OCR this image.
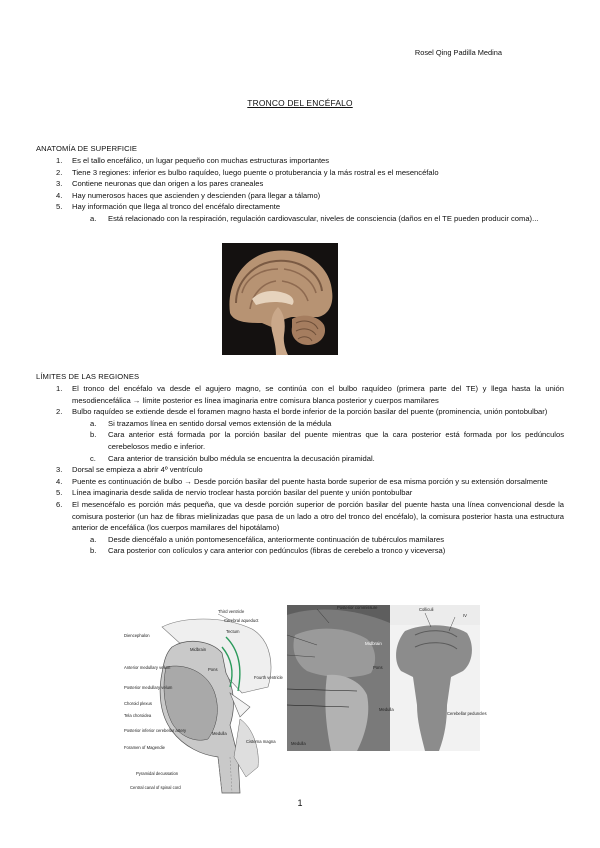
Rosel Qing Padilla Medina
TRONCO DEL ENCÉFALO
ANATOMÍA DE SUPERFICIE
1. Es el tallo encefálico, un lugar pequeño con muchas estructuras importantes
2. Tiene 3 regiones: inferior es bulbo raquídeo, luego puente o protuberancia y la más rostral es el mesencéfalo
3. Contiene neuronas que dan origen a los pares craneales
4. Hay numerosos haces que ascienden y descienden (para llegar a tálamo)
5. Hay información que llega al tronco del encéfalo directamente
a. Está relacionado con la respiración, regulación cardiovascular, niveles de consciencia (daños en el TE pueden producir coma)...
LÍMITES DE LAS REGIONES
1. El tronco del encéfalo va desde el agujero magno, se continúa con el bulbo raquídeo (primera parte del TE) y llega hasta la unión mesodiencefálica → límite posterior es línea imaginaria entre comisura blanca posterior y cuerpos mamilares
2. Bulbo raquídeo se extiende desde el foramen magno hasta el borde inferior de la porción basilar del puente (prominencia, unión pontobulbar)
a. Si trazamos línea en sentido dorsal vemos extensión de la médula
b. Cara anterior está formada por la porción basilar del puente mientras que la cara posterior está formada por los pedúnculos cerebelosos medio e inferior.
c. Cara anterior de transición bulbo médula se encuentra la decusación piramidal.
3. Dorsal se empieza a abrir 4º ventrículo
4. Puente es continuación de bulbo → Desde porción basilar del puente hasta borde superior de esa misma porción y su extensión dorsalmente
5. Línea imaginaria desde salida de nervio troclear hasta porción basilar del puente y unión pontobulbar
6. El mesencéfalo es porción más pequeña, que va desde porción superior de porción basilar del puente hasta una línea convencional desde la comisura posterior (un haz de fibras mielinizadas que pasa de un lado a otro del tronco del encéfalo), la comisura posterior hasta una estructura anterior de encefálica (los cuerpos mamilares del hipotálamo)
a. Desde diencéfalo a unión pontomesencefálica, anteriormente continuación de tubérculos mamilares
b. Cara posterior con colículos y cara anterior con pedúnculos (fibras de cerebelo a tronco y viceversa)
Third ventricle
Cerebral aqueduct
Tectum
Diencephalon
Midbrain
Pons
Fourth ventricle
Anterior medullary velum
Posterior medullary velum
Choroid plexus
Tela choroidea
Posterior inferior cerebellar artery
Medulla
Foramen of Magendie
Cisterna magna
Pyramidal decussation
Central canal of spinal cord
Posterior commissure	Colliculi
IV
Midbrain
Pons
Medulla
Medulla
Cerebellar peduncles
1
